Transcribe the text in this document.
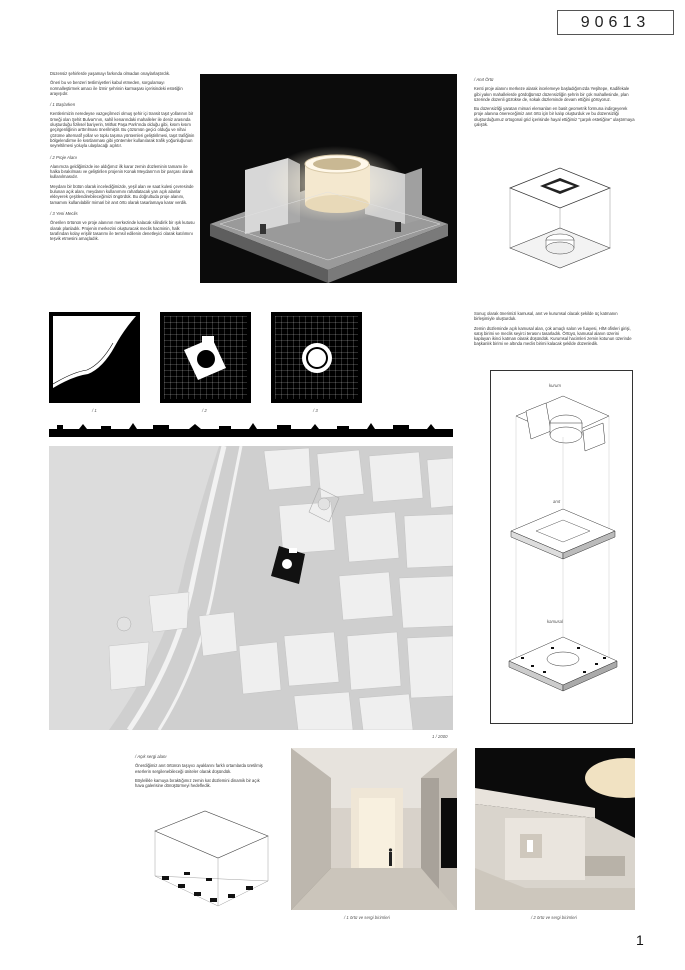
90613

Düzensiz şehirlerde yaşamayı farkında olmadan onaylarlaştırdık.

Öneri bu ve benzeri teslimiyetleri kabul etmeden, sorgulamayı normalleştirmek amacı ile İzmir şehrinin karmaşası içerisindeki estetiğin arayışıdır.

/ 1 Başlarken

Kentlerimizin neredeyse vazgeçilmezi olmuş şehir içi transit taşıt yollarının bir örneği olan Şehit Bulvar'ının, sahil kenarındaki mahalleler ile deniz arasında oluşturduğu fiziksel bariyerin, Mithat Paşa Park'ında olduğu gibi, kısım kısım geçirgenliğinin arttırılması önerilmiştir. Bu çözümün geçici olduğu ve nihai çözüme alternatif yollar ve toplu taşıma yöntemleri geliştirilmesi, taşıt trafiğinin bölgelendirme ile kısıtlanması gibi yöntemler kullanılarak trafik yoğunluğunun seyreltilmesi yoluyla ulaşılacağı açıktır.

/ 2 Proje Alanı

Alanımıza geldiğimizde ise aldığımız ilk karar zemin düzleminin tamamı ile halka bırakılması ve geliştirilen projenin Konak Meydanı'nın bir parçası olarak kullanılmasıdır.

Meydanı bir bütün olarak incelediğimizde, yeşil alan ve saat kulesi çevresinde bulunan açık alanı, meydanın kullanımını rahatlatacak yarı açık alanlar ekleyerek çeşitlendirebileceğimizi öngördük. Bu doğrultuda proje alanını, tamamını kullanılabilir mimari bir anıt örtü olarak tasarlamaya karar verdik.

/ 3 Yeni Meclis

Önerilen örtünün ve proje alanının merkezinde kalacak silindirik bir ışık kutusu olarak planladık. Projenin merkezini oluşturacak meclis hacminin, halk tarafından kolay erişilir tasarımı ile temsil edilenin denetleyici olarak katılımını teşvik etmesini amaçladık.

/ Anıt Örtü

Kenti proje alanını merkeze alarak incelemeye başladığımızda Yeşiltepe, Kadifekale gibi yakın mahallelerde gördüğümüz düzensizliğin şehrin bir çok mahallesinde, plan üzerinde düzenli gözükse de, sokak düzleminde devam ettiğini görüyoruz.

Bu düzensizliği yaratan mimari elemanları en basit geometrik formuna indirgeyerek proje alanına önereceğimiz anıt örtü için bir kalıp oluşturduk ve bu düzensizliği oluşturduğumuz ortogonal grid içerisinde hayal ettiğimiz "çarpık estetiğine" ulaştırmaya çalıştık.

/ 1	/ 2	/ 3

Sonuç olarak önerimizi kamusal, anıt ve kurumsal olacak şekilde üç katmanın birleşimiyle oluşturduk.

Zemin düzleminde açık kamusal alan, çok amaçlı salon ve fuayesi, HİM ofisleri girişi, satış birimi ve meclis seyirci terasını tasarladık. Örtüyü, kamusal alanın üzerini kaplayan ikinci katman olarak düşündük. Kurumsal hacimleri zemin kotunun üzerinde başkanlık birimi ve altında meclis birimi kalacak şekilde düzenledik.

1 / 2000
kurum
anıt
kamusal
/ Açık sergi alanı

Önerdiğimiz anıt örtünün taşıyıcı ayaklarını farklı ortamlarda üretilmiş eserlerin sergilenebileceği üniteler olarak düşündük.

Böylelikle kamuya bıraktığımız zemin kat düzlemini dinamik bir açık hava galerisine dönüştürmeyi hedefledik.

/ 1 örtü ve sergi birimleri	/ 2 örtü ve sergi birimleri
1
